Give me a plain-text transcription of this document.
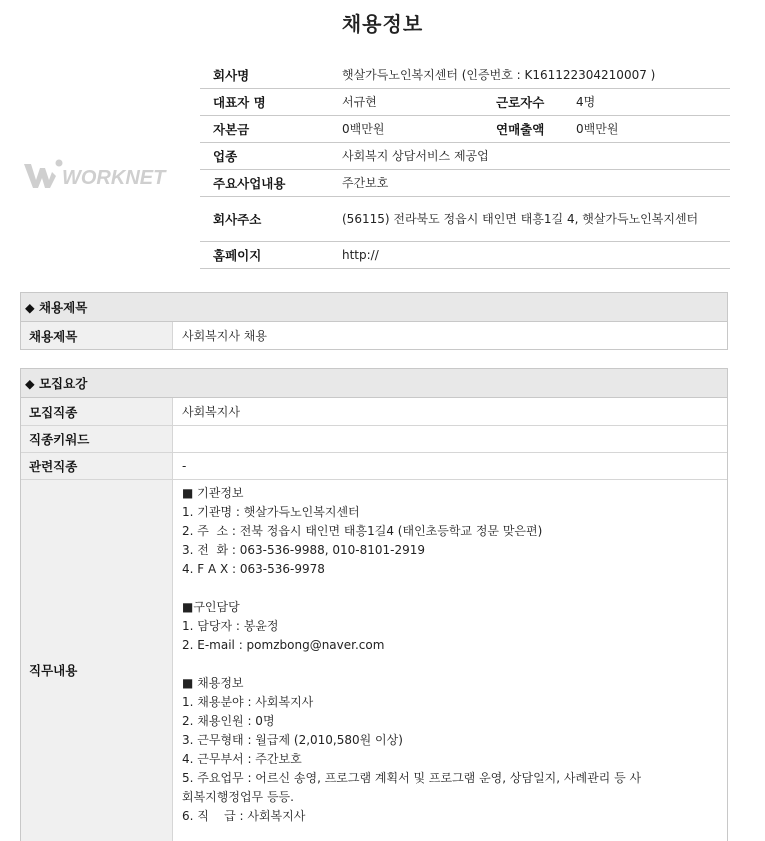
채용정보
WORKNET
회사명	햇살가득노인복지센터 (인증번호 : K161122304210007 )
대표자 명	서규현	근로자수	4명
자본금	0백만원	연매출액	0백만원
업종	사회복지 상담서비스 제공업
주요사업내용	주간보호
회사주소	(56115) 전라북도 정읍시 태인면 태흥1길 4, 햇살가득노인복지센터
홈페이지	http://
◆ 채용제목
채용제목	사회복지사 채용
◆ 모집요강
모집직종	사회복지사
직종키워드
관련직종	-
직무내용
■ 기관정보
1. 기관명 : 햇살가득노인복지센터
2. 주  소 : 전북 정읍시 태인면 태흥1길4 (태인초등학교 정문 맞은편)
3. 전  화 : 063-536-9988, 010-8101-2919
4. F A X : 063-536-9978
■구인담당
1. 담당자 : 봉윤정
2. E-mail : pomzbong@naver.com
■ 채용정보
1. 채용분야 : 사회복지사
2. 채용인원 : 0명
3. 근무형태 : 월급제 (2,010,580원 이상)
4. 근무부서 : 주간보호
5. 주요업무 : 어르신 송영, 프로그램 계획서 및 프로그램 운영, 상담일지, 사례관리 등 사
회복지행정업무 등등.
6. 직    급 : 사회복지사
